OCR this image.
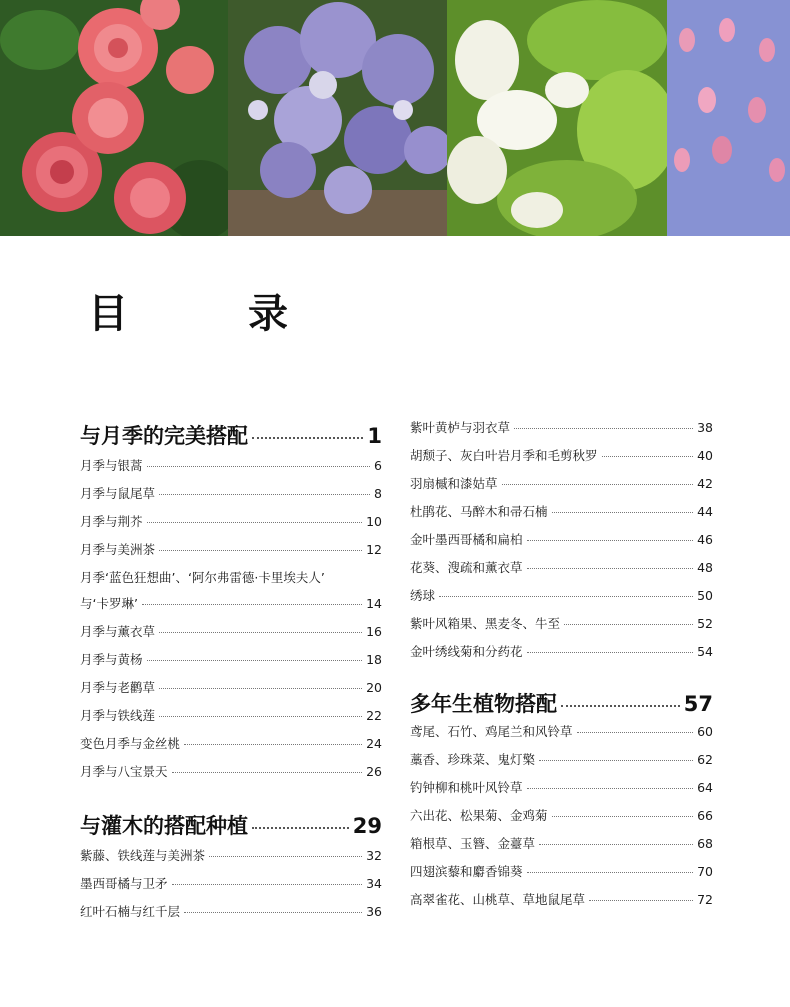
目　录
与月季的完美搭配	1
月季与银蒿	6
月季与鼠尾草	8
月季与荆芥	10
月季与美洲茶	12
月季‘蓝色狂想曲’、‘阿尔弗雷德·卡里埃夫人’
与‘卡罗琳’	14
月季与薰衣草	16
月季与黄杨	18
月季与老鹳草	20
月季与铁线莲	22
变色月季与金丝桃	24
月季与八宝景天	26
与灌木的搭配种植	29
紫藤、铁线莲与美洲茶	32
墨西哥橘与卫矛	34
红叶石楠与红千层	36
紫叶黄栌与羽衣草	38
胡颓子、灰白叶岩月季和毛剪秋罗	40
羽扇槭和漆姑草	42
杜鹃花、马醉木和帚石楠	44
金叶墨西哥橘和扁柏	46
花葵、溲疏和薰衣草	48
绣球	50
紫叶风箱果、黑麦冬、牛至	52
金叶绣线菊和分药花	54
多年生植物搭配	57
鸢尾、石竹、鸡尾兰和风铃草	60
藁香、珍珠菜、鬼灯檠	62
钓钟柳和桃叶风铃草	64
六出花、松果菊、金鸡菊	66
箱根草、玉簪、金薹草	68
四翅滨藜和麝香锦葵	70
高翠雀花、山桃草、草地鼠尾草	72
